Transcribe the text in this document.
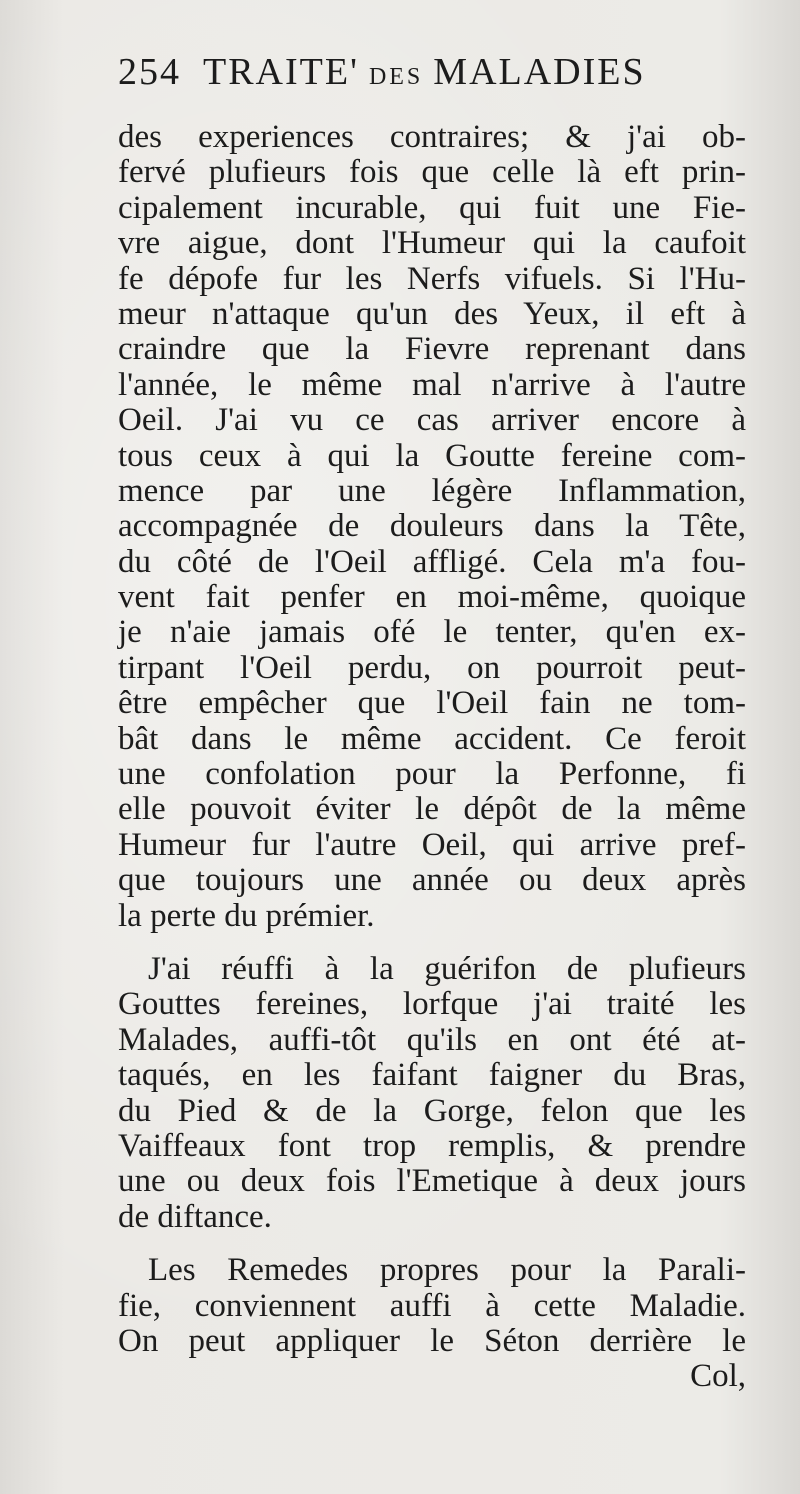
254 TRAITE' DES MALADIES
des experiences contraires; & j'ai ob-
fervé plufieurs fois que celle là eft prin-
cipalement incurable, qui fuit une Fie-
vre aigue, dont l'Humeur qui la caufoit
fe dépofe fur les Nerfs vifuels. Si l'Hu-
meur n'attaque qu'un des Yeux, il eft à
craindre que la Fievre reprenant dans
l'année, le même mal n'arrive à l'autre
Oeil. J'ai vu ce cas arriver encore à
tous ceux à qui la Goutte fereine com-
mence par une légère Inflammation,
accompagnée de douleurs dans la Tête,
du côté de l'Oeil affligé. Cela m'a fou-
vent fait penfer en moi-même, quoique
je n'aie jamais ofé le tenter, qu'en ex-
tirpant l'Oeil perdu, on pourroit peut-
être empêcher que l'Oeil fain ne tom-
bât dans le même accident. Ce feroit
une confolation pour la Perfonne, fi
elle pouvoit éviter le dépôt de la même
Humeur fur l'autre Oeil, qui arrive pref-
que toujours une année ou deux après
la perte du prémier.
J'ai réuffi à la guérifon de plufieurs
Gouttes fereines, lorfque j'ai traité les
Malades, auffi-tôt qu'ils en ont été at-
taqués, en les faifant faigner du Bras,
du Pied & de la Gorge, felon que les
Vaiffeaux font trop remplis, & prendre
une ou deux fois l'Emetique à deux jours
de diftance.
Les Remedes propres pour la Parali-
fie, conviennent auffi à cette Maladie.
On peut appliquer le Séton derrière le
Col,
